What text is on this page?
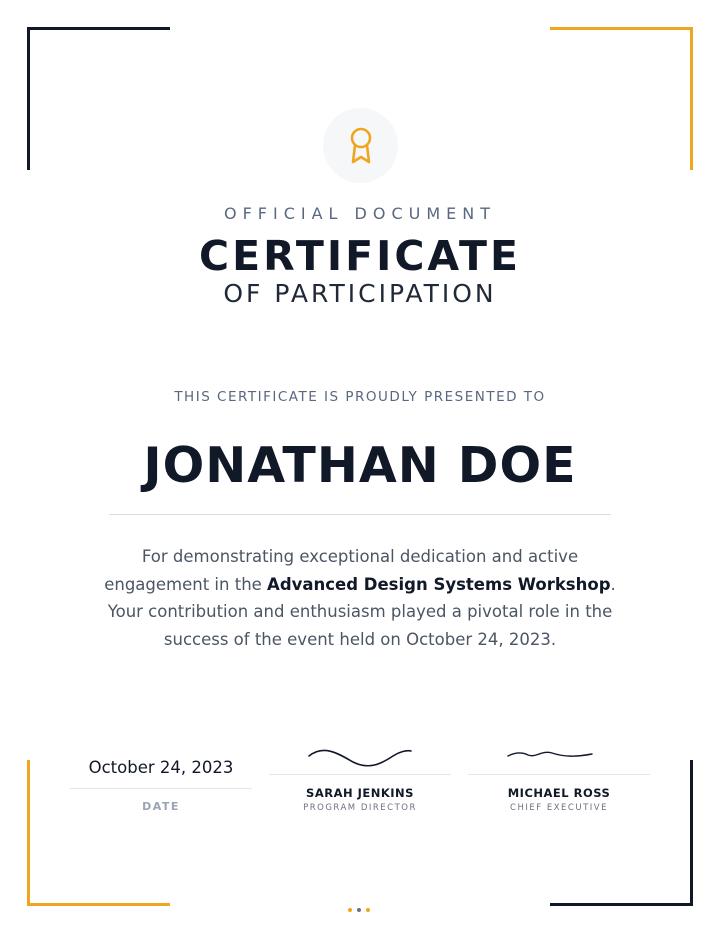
OFFICIAL DOCUMENT
CERTIFICATE
OF PARTICIPATION
THIS CERTIFICATE IS PROUDLY PRESENTED TO
JONATHAN DOE
For demonstrating exceptional dedication and active engagement in the Advanced Design Systems Workshop. Your contribution and enthusiasm played a pivotal role in the success of the event held on October 24, 2023.
October 24, 2023
DATE
SARAH JENKINS
PROGRAM DIRECTOR
MICHAEL ROSS
CHIEF EXECUTIVE
